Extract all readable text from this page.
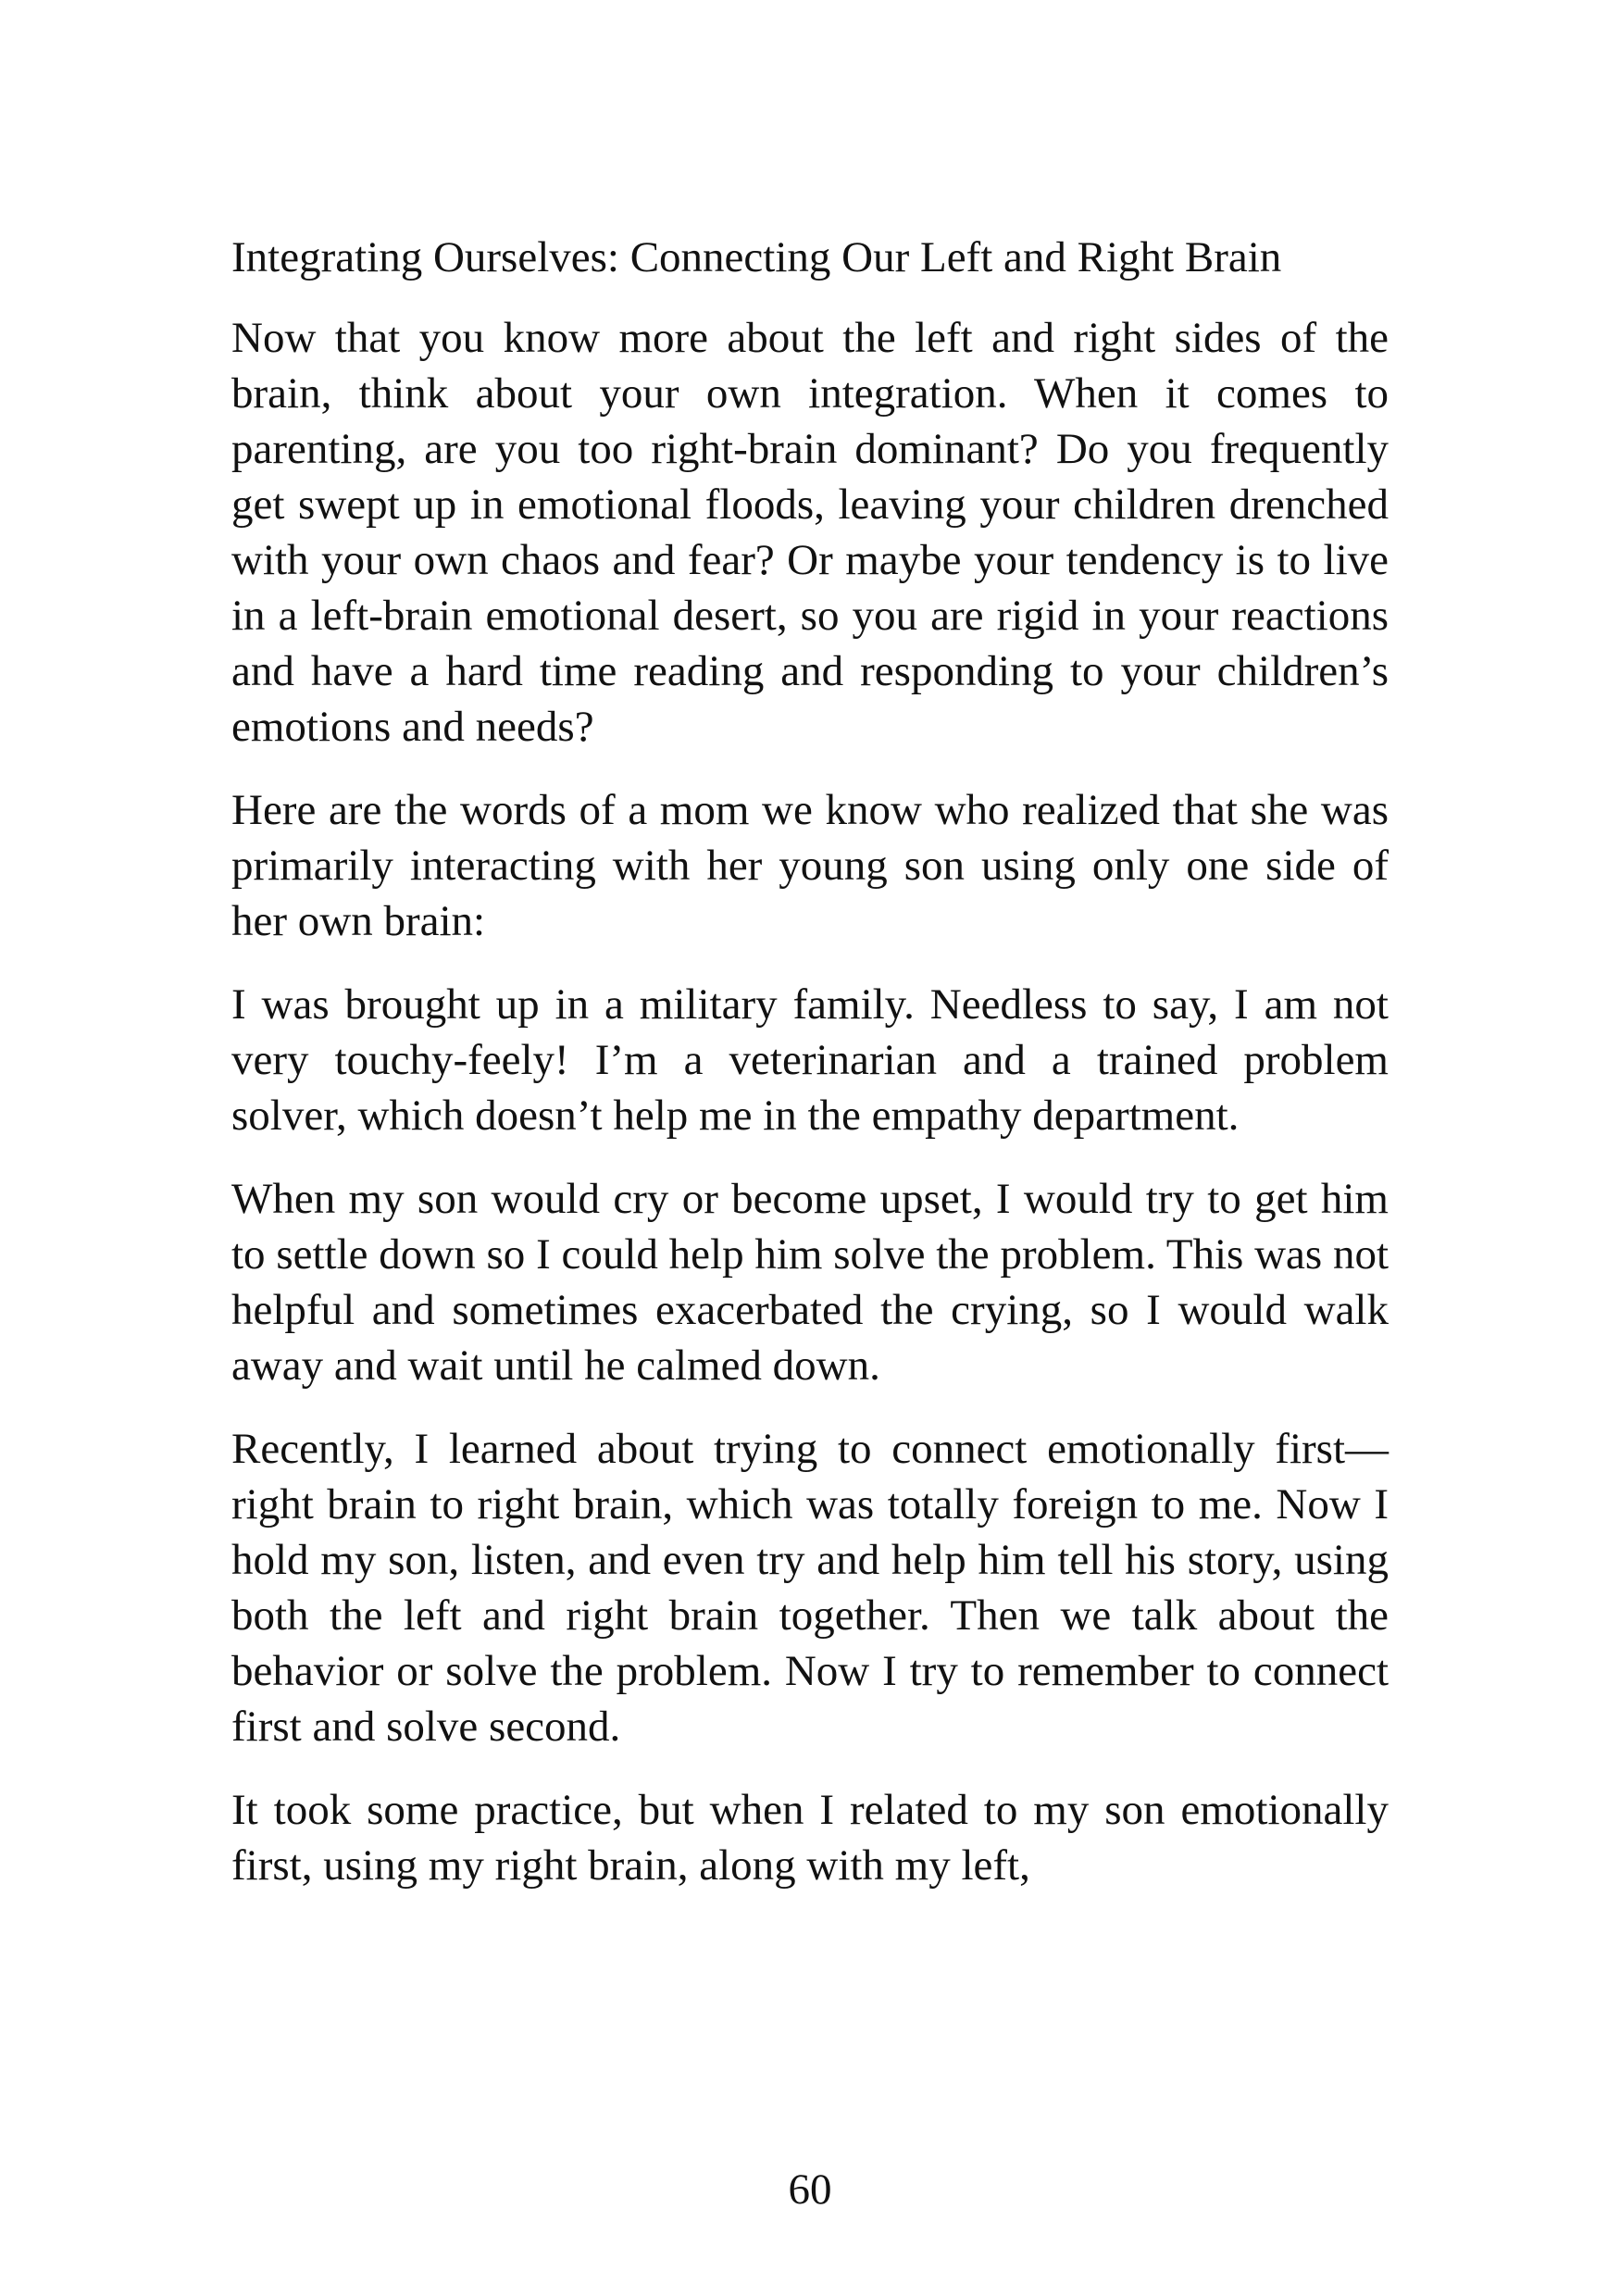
Integrating Ourselves: Connecting Our Left and Right Brain

Now that you know more about the left and right sides of the brain, think about your own integration. When it comes to parenting, are you too right-brain dominant? Do you frequently get swept up in emotional floods, leaving your children drenched with your own chaos and fear? Or maybe your tendency is to live in a left-brain emotional desert, so you are rigid in your reactions and have a hard time reading and responding to your children’s emotions and needs?

Here are the words of a mom we know who realized that she was primarily interacting with her young son using only one side of her own brain:

I was brought up in a military family. Needless to say, I am not very touchy-feely! I’m a veterinarian and a trained problem solver, which doesn’t help me in the empathy department.

When my son would cry or become upset, I would try to get him to settle down so I could help him solve the problem. This was not helpful and sometimes exacerbated the crying, so I would walk away and wait until he calmed down.

Recently, I learned about trying to connect emotionally first—right brain to right brain, which was totally foreign to me. Now I hold my son, listen, and even try and help him tell his story, using both the left and right brain together. Then we talk about the behavior or solve the problem. Now I try to remember to connect first and solve second.

It took some practice, but when I related to my son emotionally first, using my right brain, along with my left,

60
